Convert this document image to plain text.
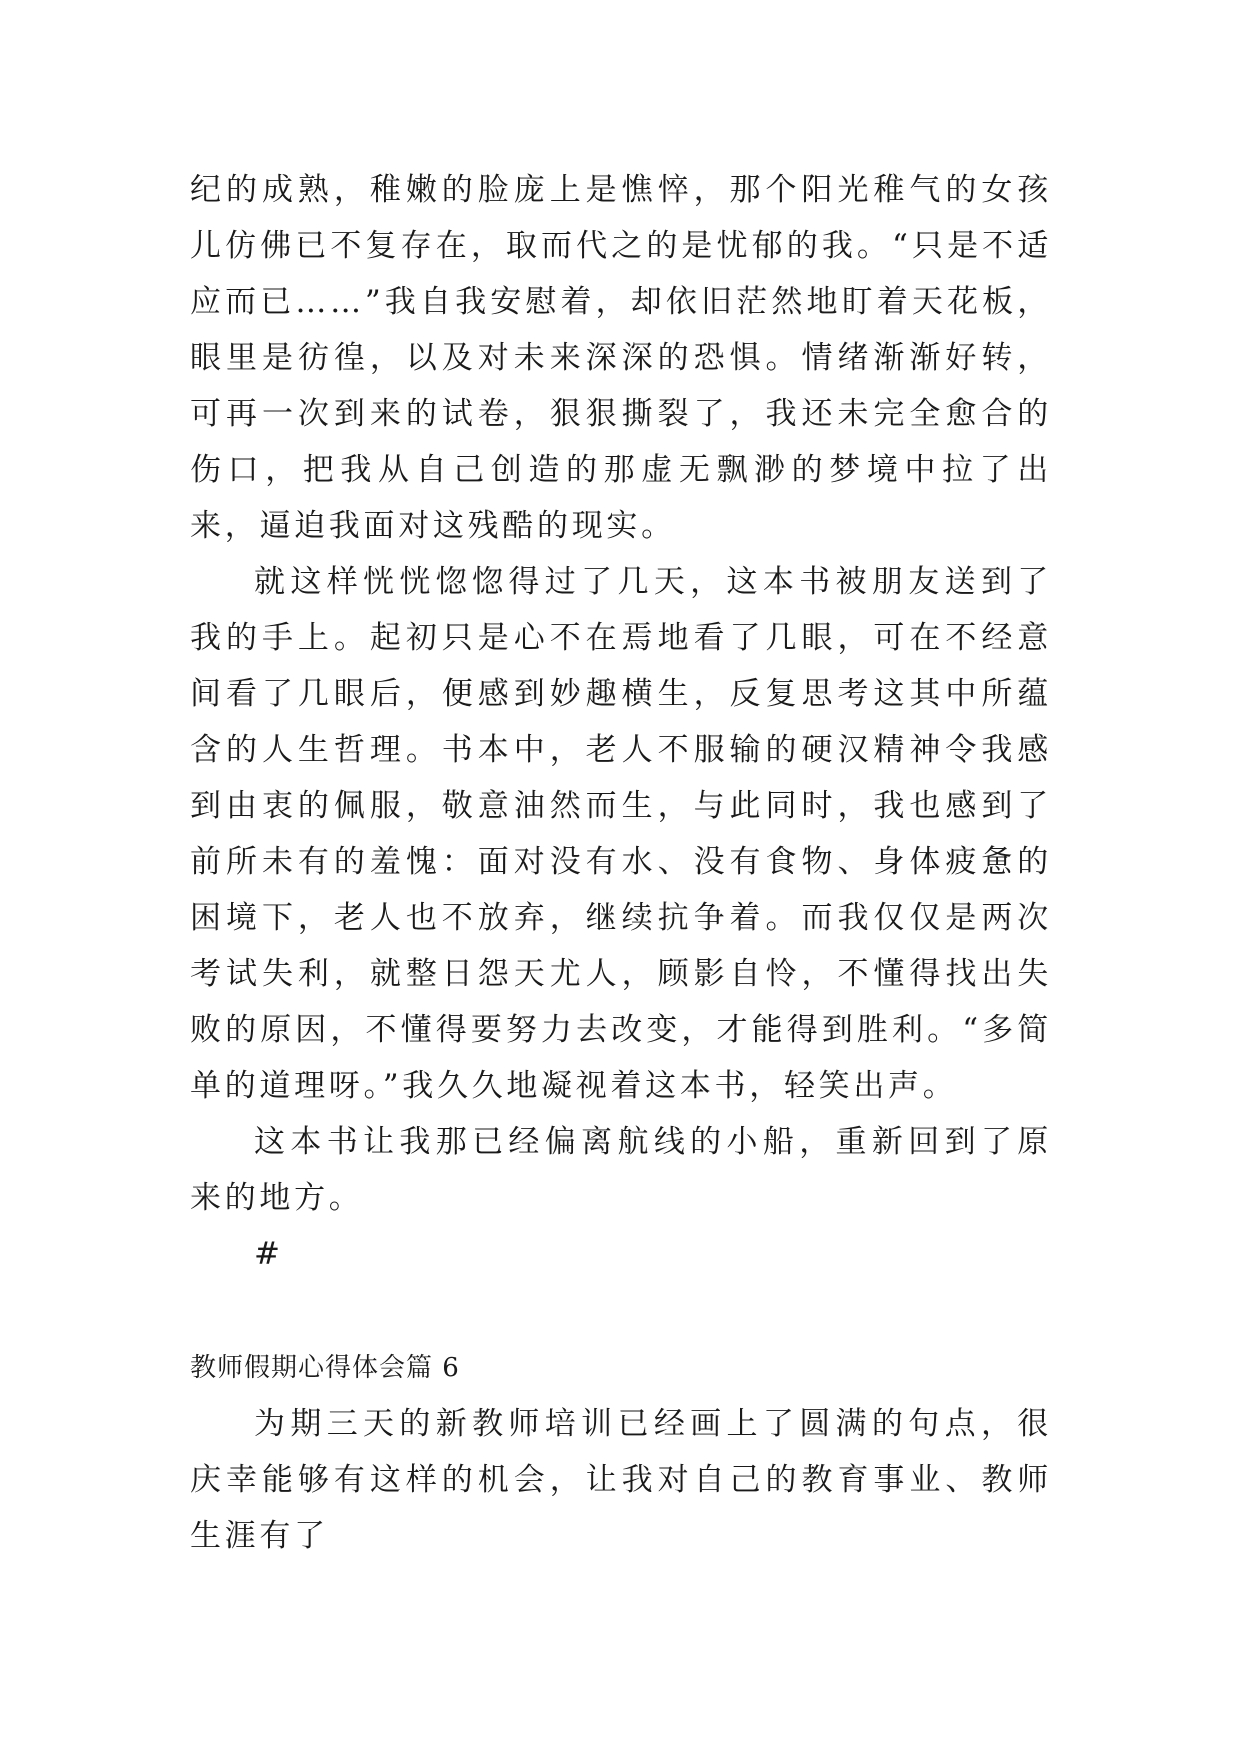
纪的成熟，稚嫩的脸庞上是憔悴，那个阳光稚气的女孩儿仿佛已不复存在，取而代之的是忧郁的我。“只是不适应而已……”我自我安慰着，却依旧茫然地盯着天花板，眼里是彷徨，以及对未来深深的恐惧。情绪渐渐好转，可再一次到来的试卷，狠狠撕裂了，我还未完全愈合的伤口，把我从自己创造的那虚无飘渺的梦境中拉了出来，逼迫我面对这残酷的现实。

就这样恍恍惚惚得过了几天，这本书被朋友送到了我的手上。起初只是心不在焉地看了几眼，可在不经意间看了几眼后，便感到妙趣横生，反复思考这其中所蕴含的人生哲理。书本中，老人不服输的硬汉精神令我感到由衷的佩服，敬意油然而生，与此同时，我也感到了前所未有的羞愧：面对没有水、没有食物、身体疲惫的困境下，老人也不放弃，继续抗争着。而我仅仅是两次考试失利，就整日怨天尤人，顾影自怜，不懂得找出失败的原因，不懂得要努力去改变，才能得到胜利。“多简单的道理呀。”我久久地凝视着这本书，轻笑出声。

这本书让我那已经偏离航线的小船，重新回到了原来的地方。

#

教师假期心得体会篇 6

为期三天的新教师培训已经画上了圆满的句点，很庆幸能够有这样的机会，让我对自己的教育事业、教师生涯有了
